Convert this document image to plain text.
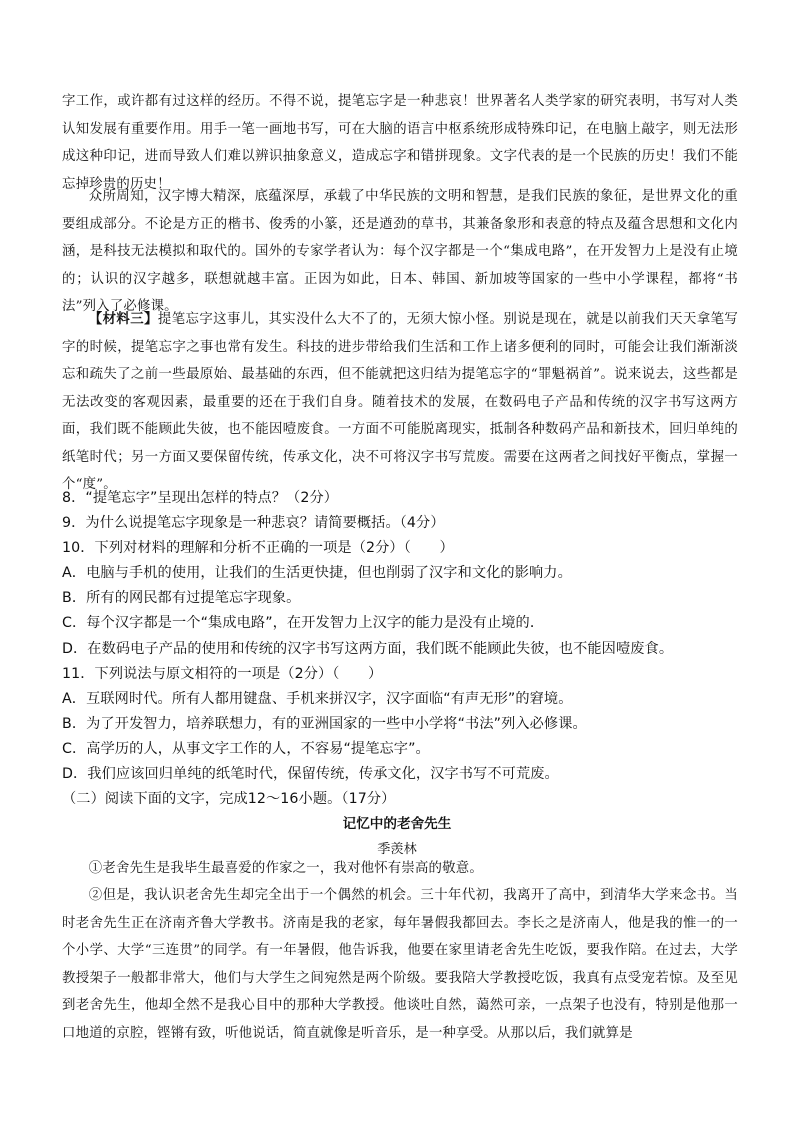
字工作，或许都有过这样的经历。不得不说，提笔忘字是一种悲哀！世界著名人类学家的研究表明，书写对人类认知发展有重要作用。用手一笔一画地书写，可在大脑的语言中枢系统形成特殊印记，在电脑上敲字，则无法形成这种印记，进而导致人们难以辨识抽象意义，造成忘字和错拼现象。文字代表的是一个民族的历史！我们不能忘掉珍贵的历史！

众所周知，汉字博大精深，底蕴深厚，承载了中华民族的文明和智慧，是我们民族的象征，是世界文化的重要组成部分。不论是方正的楷书、俊秀的小篆，还是遒劲的草书，其兼备象形和表意的特点及蕴含思想和文化内涵，是科技无法模拟和取代的。国外的专家学者认为：每个汉字都是一个“集成电路”，在开发智力上是没有止境的；认识的汉字越多，联想就越丰富。正因为如此，日本、韩国、新加坡等国家的一些中小学课程，都将“书法”列入了必修课。

【材料三】提笔忘字这事儿，其实没什么大不了的，无须大惊小怪。别说是现在，就是以前我们天天拿笔写字的时候，提笔忘字之事也常有发生。科技的进步带给我们生活和工作上诸多便利的同时，可能会让我们渐渐淡忘和疏失了之前一些最原始、最基础的东西，但不能就把这归结为提笔忘字的“罪魁祸首”。说来说去，这些都是无法改变的客观因素，最重要的还在于我们自身。随着技术的发展，在数码电子产品和传统的汉字书写这两方面，我们既不能顾此失彼，也不能因噎废食。一方面不可能脱离现实，抵制各种数码产品和新技术，回归单纯的纸笔时代；另一方面又要保留传统，传承文化，决不可将汉字书写荒废。需要在这两者之间找好平衡点，掌握一个“度”。

8．“提笔忘字”呈现出怎样的特点？（2分）
9．为什么说提笔忘字现象是一种悲哀？请简要概括。（4分）
10．下列对材料的理解和分析不正确的一项是（2分）（　　）
A．电脑与手机的使用，让我们的生活更快捷，但也削弱了汉字和文化的影响力。
B．所有的网民都有过提笔忘字现象。
C．每个汉字都是一个“集成电路”，在开发智力上汉字的能力是没有止境的．
D．在数码电子产品的使用和传统的汉字书写这两方面，我们既不能顾此失彼，也不能因噎废食。
11．下列说法与原文相符的一项是（2分）（　　）
A．互联网时代。所有人都用键盘、手机来拼汉字，汉字面临“有声无形”的窘境。
B．为了开发智力，培养联想力，有的亚洲国家的一些中小学将“书法”列入必修课。
C．高学历的人，从事文字工作的人，不容易“提笔忘字”。
D．我们应该回归单纯的纸笔时代，保留传统，传承文化，汉字书写不可荒废。
（二）阅读下面的文字，完成12～16小题。（17分）
记忆中的老舍先生
季羡林

①老舍先生是我毕生最喜爱的作家之一，我对他怀有崇高的敬意。

②但是，我认识老舍先生却完全出于一个偶然的机会。三十年代初，我离开了高中，到清华大学来念书。当时老舍先生正在济南齐鲁大学教书。济南是我的老家，每年暑假我都回去。李长之是济南人，他是我的惟一的一个小学、大学“三连贯”的同学。有一年暑假，他告诉我，他要在家里请老舍先生吃饭，要我作陪。在过去，大学教授架子一般都非常大，他们与大学生之间宛然是两个阶级。要我陪大学教授吃饭，我真有点受宠若惊。及至见到老舍先生，他却全然不是我心目中的那种大学教授。他谈吐自然，蔼然可亲，一点架子也没有，特别是他那一口地道的京腔，铿锵有致，听他说话，简直就像是听音乐，是一种享受。从那以后，我们就算是
